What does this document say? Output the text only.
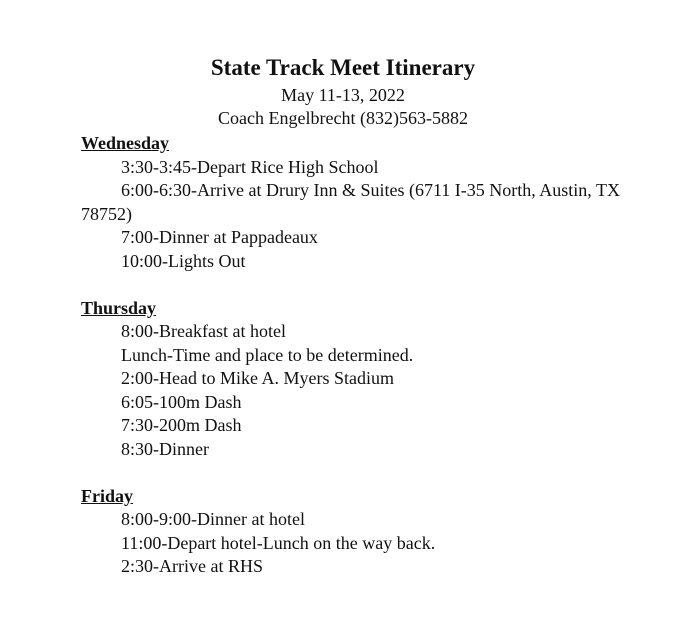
State Track Meet Itinerary

May 11-13, 2022

Coach Engelbrecht (832)563-5882

Wednesday

3:30-3:45-Depart Rice High School

6:00-6:30-Arrive at Drury Inn & Suites (6711 I-35 North, Austin, TX 78752)

7:00-Dinner at Pappadeaux

10:00-Lights Out

Thursday

8:00-Breakfast at hotel

Lunch-Time and place to be determined.

2:00-Head to Mike A. Myers Stadium

6:05-100m Dash

7:30-200m Dash

8:30-Dinner

Friday

8:00-9:00-Dinner at hotel

11:00-Depart hotel-Lunch on the way back.

2:30-Arrive at RHS
